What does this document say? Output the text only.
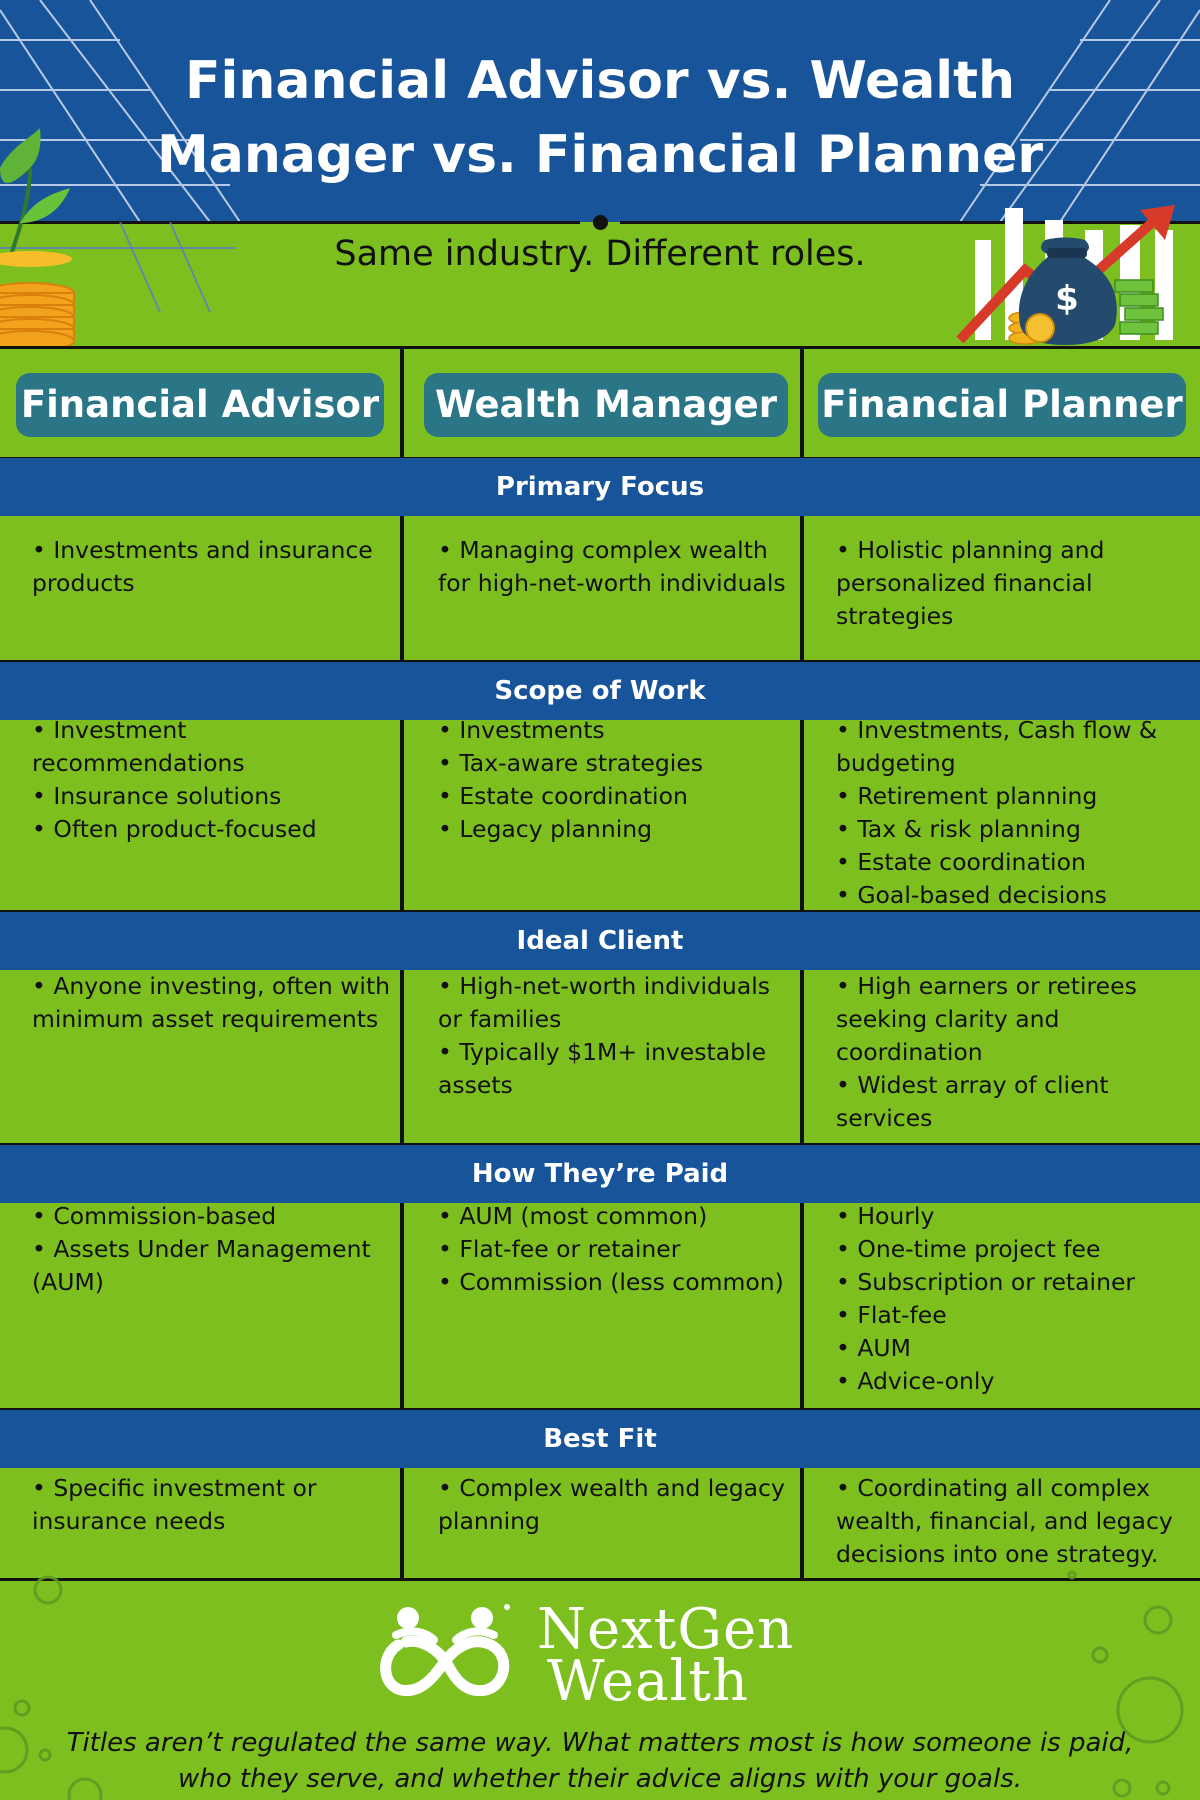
Financial Advisor vs. Wealth
Manager vs. Financial Planner
$
Same industry. Different roles.
Financial Advisor Wealth Manager Financial Planner
Primary Focus
• Investments and insurance products
• Managing complex wealth for high-net-worth individuals
• Holistic planning and personalized financial strategies
Scope of Work
• Investment recommendations
• Insurance solutions
• Often product-focused
• Investments
• Tax-aware strategies
• Estate coordination
• Legacy planning
• Investments, Cash flow & budgeting
• Retirement planning
• Tax & risk planning
• Estate coordination
• Goal-based decisions
Ideal Client
• Anyone investing, often with minimum asset requirements
• High-net-worth individuals or families
• Typically $1M+ investable assets
• High earners or retirees seeking clarity and coordination
• Widest array of client services
How They’re Paid
• Commission-based
• Assets Under Management (AUM)
• AUM (most common)
• Flat-fee or retainer
• Commission (less common)
• Hourly
• One-time project fee
• Subscription or retainer
• Flat-fee
• AUM
• Advice-only
Best Fit
• Specific investment or insurance needs
• Complex wealth and legacy planning
• Coordinating all complex wealth, financial, and legacy decisions into one strategy.
NextGen
Wealth
Titles aren’t regulated the same way. What matters most is how someone is paid,
who they serve, and whether their advice aligns with your goals.
